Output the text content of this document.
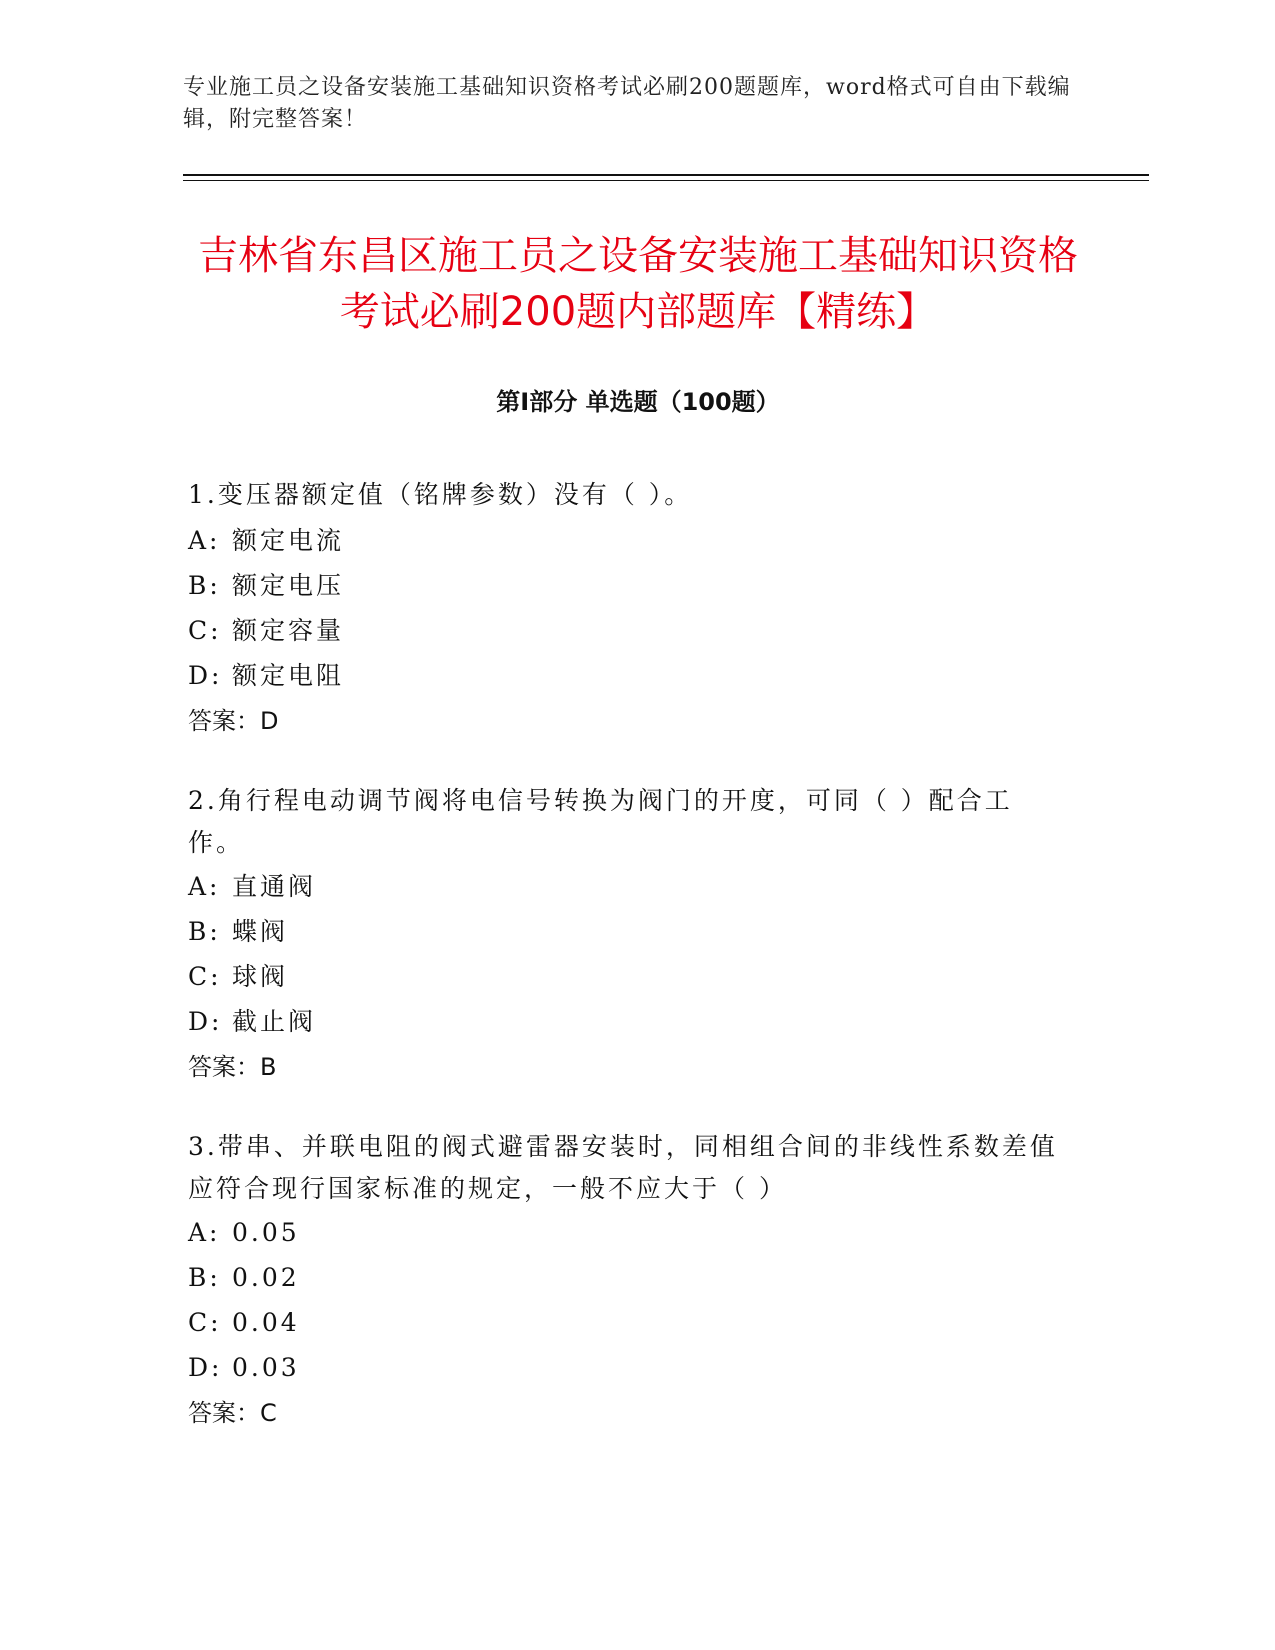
专业施工员之设备安装施工基础知识资格考试必刷200题题库，word格式可自由下载编辑，附完整答案！
吉林省东昌区施工员之设备安装施工基础知识资格考试必刷200题内部题库【精练】
第Ⅰ部分 单选题（100题）

1.变压器额定值（铭牌参数）没有（ ）。

A: 额定电流

B: 额定电压

C: 额定容量

D: 额定电阻

答案：D

2.角行程电动调节阀将电信号转换为阀门的开度，可同（ ）配合工作。

A: 直通阀

B: 蝶阀

C: 球阀

D: 截止阀

答案：B

3.带串、并联电阻的阀式避雷器安装时，同相组合间的非线性系数差值应符合现行国家标准的规定，一般不应大于（ ）

A: 0.05

B: 0.02

C: 0.04

D: 0.03

答案：C
